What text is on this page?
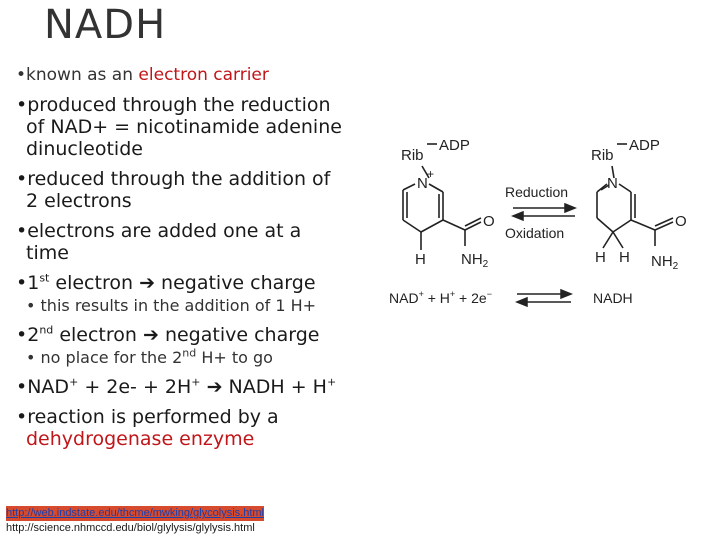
NADH
•known as an electron carrier
•produced through the reduction
of NAD+ = nicotinamide adenine
dinucleotide
•reduced through the addition of
2 electrons
•electrons are added one at a
time
•1st electron ➔ negative charge
• this results in the addition of 1 H+
•2nd electron ➔ negative charge
• no place for the 2nd H+ to go
•NAD+ + 2e- + 2H+ ➔ NADH + H+
•reaction is performed by a
dehydrogenase enzyme
http://web.indstate.edu/thcme/mwking/glycolysis.html
http://science.nhmccd.edu/biol/glylysis/glylysis.html
Rib
ADP
N
+
O
H $NH_2$
Rib
ADP
N
O
H H $NH_2$
Reduction
Oxidation
NAD+ + H+ + 2e−	NADH
